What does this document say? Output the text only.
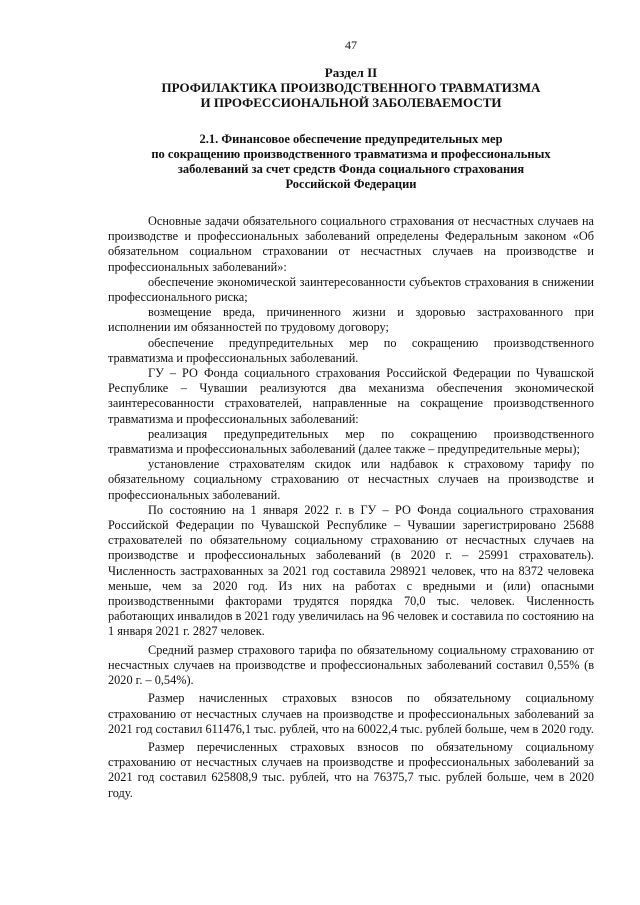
47
Раздел II
ПРОФИЛАКТИКА ПРОИЗВОДСТВЕННОГО ТРАВМАТИЗМА
И ПРОФЕССИОНАЛЬНОЙ ЗАБОЛЕВАЕМОСТИ
2.1. Финансовое обеспечение предупредительных мер
по сокращению производственного травматизма и профессиональных
заболеваний за счет средств Фонда социального страхования
Российской Федерации

Основные задачи обязательного социального страхования от несчастных случаев на производстве и профессиональных заболеваний определены Федеральным законом «Об обязательном социальном страховании от несчастных случаев на производстве и профессиональных заболеваний»:

обеспечение экономической заинтересованности субъектов страхования в снижении профессионального риска;

возмещение вреда, причиненного жизни и здоровью застрахованного при исполнении им обязанностей по трудовому договору;

обеспечение предупредительных мер по сокращению производственного травматизма и профессиональных заболеваний.

ГУ – РО Фонда социального страхования Российской Федерации по Чувашской Республике – Чувашии реализуются два механизма обеспечения экономической заинтересованности страхователей, направленные на сокращение производственного травматизма и профессиональных заболеваний:

реализация предупредительных мер по сокращению производственного травматизма и профессиональных заболеваний (далее также – предупредительные меры);

установление страхователям скидок или надбавок к страховому тарифу по обязательному социальному страхованию от несчастных случаев на производстве и профессиональных заболеваний.

По состоянию на 1 января 2022 г. в ГУ – РО Фонда социального страхования Российской Федерации по Чувашской Республике – Чувашии зарегистрировано 25688 страхователей по обязательному социальному страхованию от несчастных случаев на производстве и профессиональных заболеваний (в 2020 г. – 25991 страхователь). Численность застрахованных за 2021 год составила 298921 человек, что на 8372 человека меньше, чем за 2020 год. Из них на работах с вредными и (или) опасными производственными факторами трудятся порядка 70,0 тыс. человек. Численность работающих инвалидов в 2021 году увеличилась на 96 человек и составила по состоянию на 1 января 2021 г. 2827 человек.

Средний размер страхового тарифа по обязательному социальному страхованию от несчастных случаев на производстве и профессиональных заболеваний составил 0,55% (в 2020 г. – 0,54%).

Размер начисленных страховых взносов по обязательному социальному страхованию от несчастных случаев на производстве и профессиональных заболеваний за 2021 год составил 611476,1 тыс. рублей, что на 60022,4 тыс. рублей больше, чем в 2020 году.

Размер перечисленных страховых взносов по обязательному социальному страхованию от несчастных случаев на производстве и профессиональных заболеваний за 2021 год составил 625808,9 тыс. рублей, что на 76375,7 тыс. рублей больше, чем в 2020 году.
